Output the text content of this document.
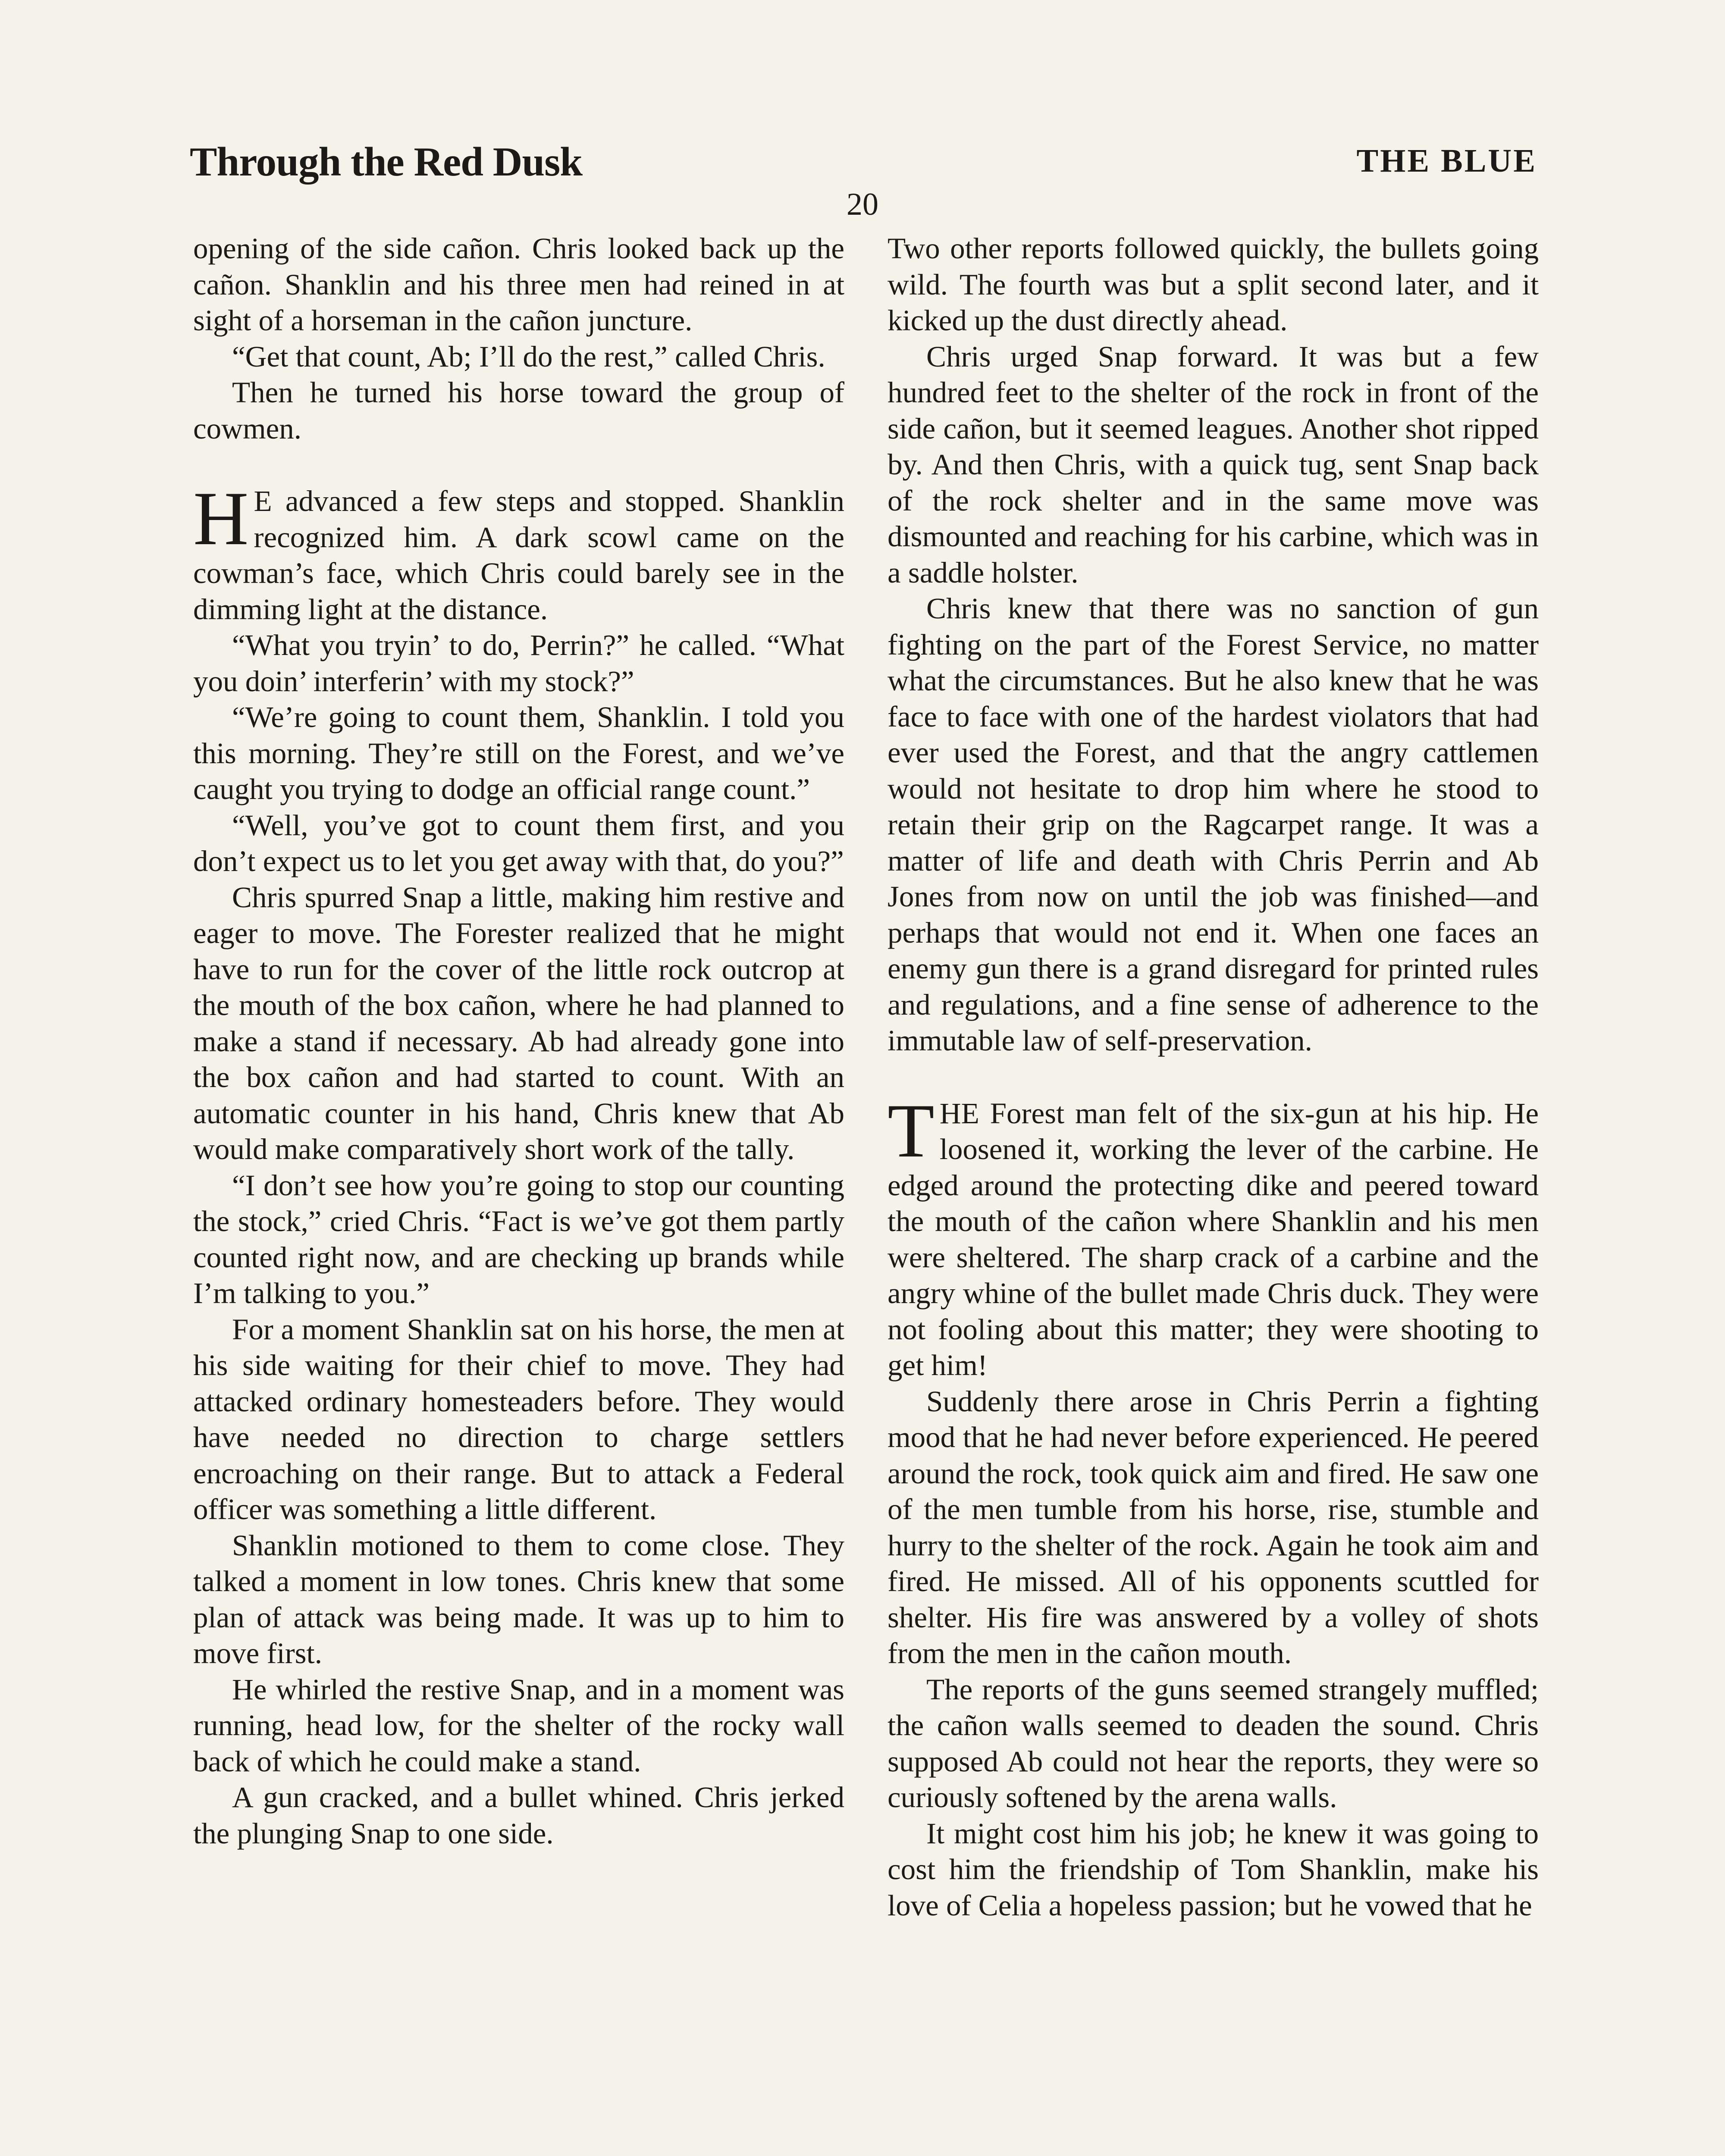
Through the Red Dusk	THE BLUE
20

opening of the side cañon. Chris looked back up the cañon. Shanklin and his three men had reined in at sight of a horseman in the cañon juncture.

“Get that count, Ab; I’ll do the rest,” called Chris.

Then he turned his horse toward the group of cowmen.

H E advanced a few steps and stopped. Shanklin recognized him. A dark scowl came on the cowman’s face, which Chris could barely see in the dimming light at the distance.

“What you tryin’ to do, Perrin?” he called. “What you doin’ interferin’ with my stock?”

“We’re going to count them, Shanklin. I told you this morning. They’re still on the Forest, and we’ve caught you trying to dodge an official range count.”

“Well, you’ve got to count them first, and you don’t expect us to let you get away with that, do you?”

Chris spurred Snap a little, making him restive and eager to move. The Forester realized that he might have to run for the cover of the little rock outcrop at the mouth of the box cañon, where he had planned to make a stand if necessary. Ab had already gone into the box cañon and had started to count. With an automatic counter in his hand, Chris knew that Ab would make comparatively short work of the tally.

“I don’t see how you’re going to stop our counting the stock,” cried Chris. “Fact is we’ve got them partly counted right now, and are checking up brands while I’m talking to you.”

For a moment Shanklin sat on his horse, the men at his side waiting for their chief to move. They had attacked ordinary homesteaders before. They would have needed no direction to charge settlers encroaching on their range. But to attack a Federal officer was something a little different.

Shanklin motioned to them to come close. They talked a moment in low tones. Chris knew that some plan of attack was being made. It was up to him to move first.

He whirled the restive Snap, and in a moment was running, head low, for the shelter of the rocky wall back of which he could make a stand.

A gun cracked, and a bullet whined. Chris jerked the plunging Snap to one side.

Two other reports followed quickly, the bullets going wild. The fourth was but a split second later, and it kicked up the dust directly ahead.

Chris urged Snap forward. It was but a few hundred feet to the shelter of the rock in front of the side cañon, but it seemed leagues. Another shot ripped by. And then Chris, with a quick tug, sent Snap back of the rock shelter and in the same move was dismounted and reaching for his carbine, which was in a saddle holster.

Chris knew that there was no sanction of gun fighting on the part of the Forest Service, no matter what the circumstances. But he also knew that he was face to face with one of the hardest violators that had ever used the Forest, and that the angry cattlemen would not hesitate to drop him where he stood to retain their grip on the Ragcarpet range. It was a matter of life and death with Chris Perrin and Ab Jones from now on until the job was finished—and perhaps that would not end it. When one faces an enemy gun there is a grand disregard for printed rules and regulations, and a fine sense of adherence to the immutable law of self-preservation.

THE Forest man felt of the six-gun at his hip. He loosened it, working the lever of the carbine. He edged around the protecting dike and peered toward the mouth of the cañon where Shanklin and his men were sheltered. The sharp crack of a carbine and the angry whine of the bullet made Chris duck. They were not fooling about this matter; they were shooting to get him!

Suddenly there arose in Chris Perrin a fighting mood that he had never before experienced. He peered around the rock, took quick aim and fired. He saw one of the men tumble from his horse, rise, stumble and hurry to the shelter of the rock. Again he took aim and fired. He missed. All of his opponents scuttled for shelter. His fire was answered by a volley of shots from the men in the cañon mouth.

The reports of the guns seemed strangely muffled; the cañon walls seemed to deaden the sound. Chris supposed Ab could not hear the reports, they were so curiously softened by the arena walls.

It might cost him his job; he knew it was going to cost him the friendship of Tom Shanklin, make his love of Celia a hopeless passion; but he vowed that he
